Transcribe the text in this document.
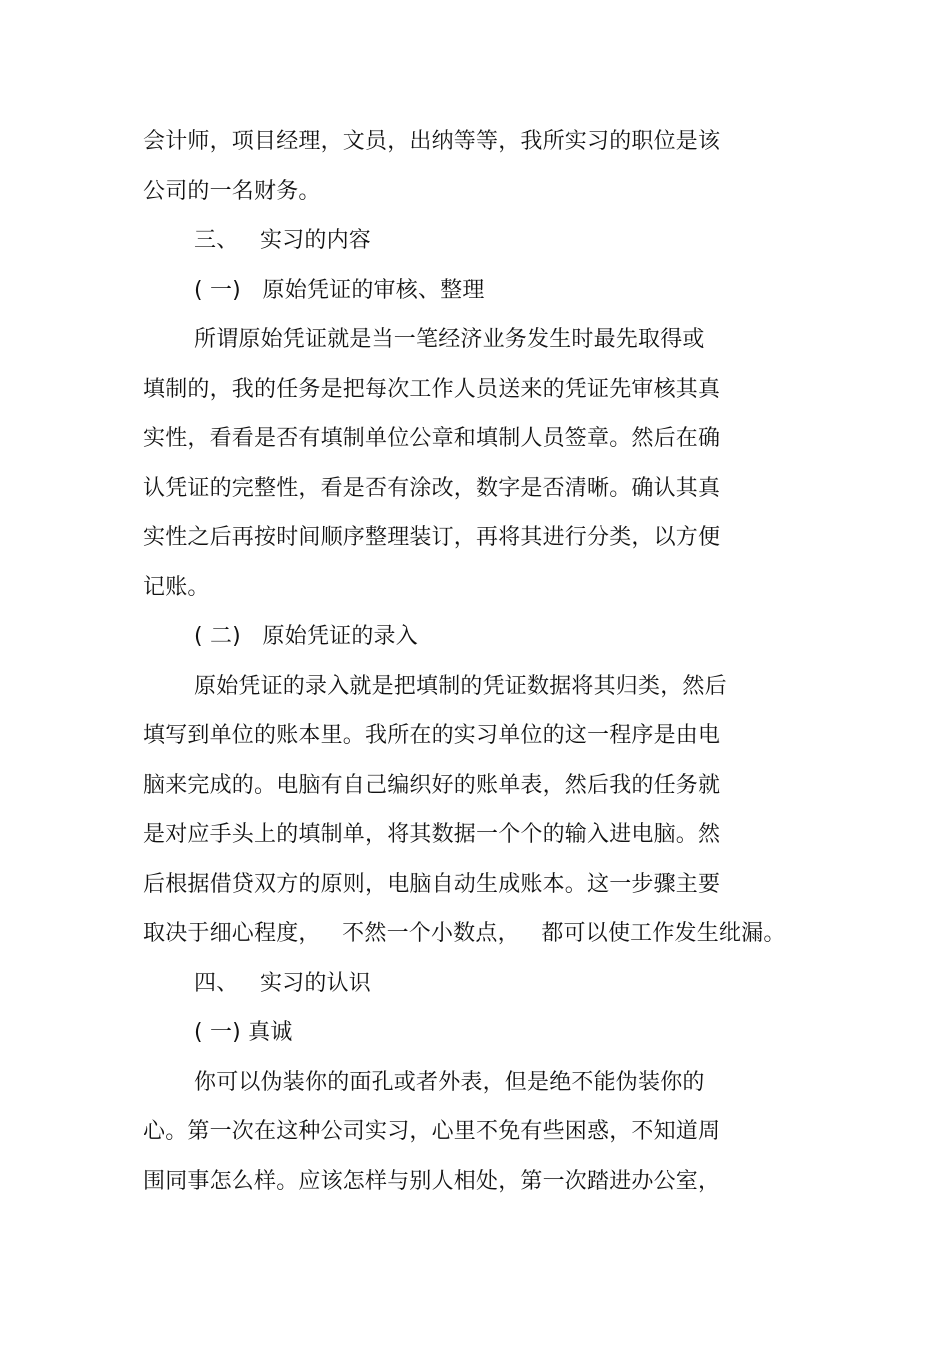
会计师，项目经理，文员，出纳等等，我所实习的职位是该
公司的一名财务。
三、   实习的内容
( 一)   原始凭证的审核、整理
所谓原始凭证就是当一笔经济业务发生时最先取得或
填制的，我的任务是把每次工作人员送来的凭证先审核其真
实性，看看是否有填制单位公章和填制人员签章。然后在确
认凭证的完整性，看是否有涂改，数字是否清晰。确认其真
实性之后再按时间顺序整理装订，再将其进行分类，以方便
记账。
( 二)   原始凭证的录入
原始凭证的录入就是把填制的凭证数据将其归类，然后
填写到单位的账本里。我所在的实习单位的这一程序是由电
脑来完成的。电脑有自己编织好的账单表，然后我的任务就
是对应手头上的填制单，将其数据一个个的输入进电脑。然
后根据借贷双方的原则，电脑自动生成账本。这一步骤主要
取决于细心程度，   不然一个小数点，   都可以使工作发生纰漏。
四、   实习的认识
( 一) 真诚
你可以伪装你的面孔或者外表，但是绝不能伪装你的
心。第一次在这种公司实习，心里不免有些困惑，不知道周
围同事怎么样。应该怎样与别人相处，第一次踏进办公室，
